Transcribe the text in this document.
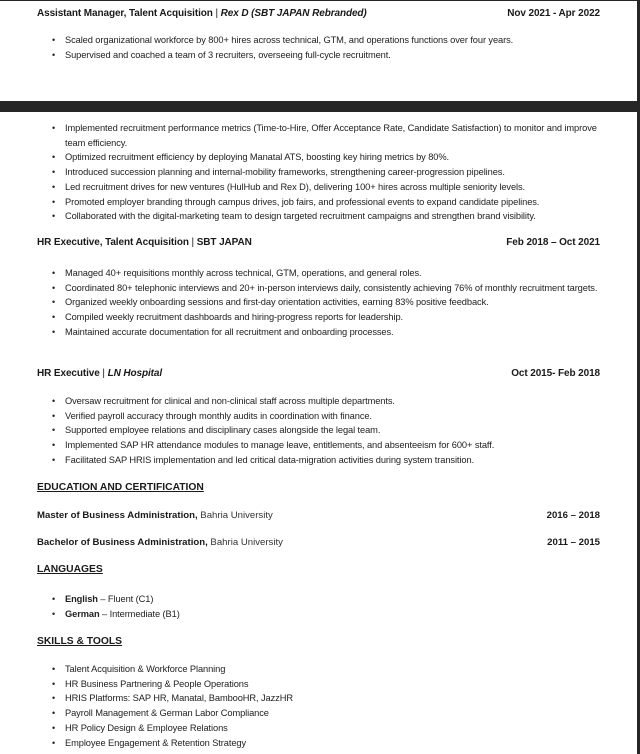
Assistant Manager, Talent Acquisition | Rex D (SBT JAPAN Rebranded)	Nov 2021 - Apr 2022
• Scaled organizational workforce by 800+ hires across technical, GTM, and operations functions over four years.
• Supervised and coached a team of 3 recruiters, overseeing full-cycle recruitment.
• Implemented recruitment performance metrics (Time-to-Hire, Offer Acceptance Rate, Candidate Satisfaction) to monitor and improve team efficiency.
• Optimized recruitment efficiency by deploying Manatal ATS, boosting key hiring metrics by 80%.
• Introduced succession planning and internal-mobility frameworks, strengthening career-progression pipelines.
• Led recruitment drives for new ventures (HulHub and Rex D), delivering 100+ hires across multiple seniority levels.
• Promoted employer branding through campus drives, job fairs, and professional events to expand candidate pipelines.
• Collaborated with the digital-marketing team to design targeted recruitment campaigns and strengthen brand visibility.
HR Executive, Talent Acquisition | SBT JAPAN	Feb 2018 – Oct 2021
• Managed 40+ requisitions monthly across technical, GTM, operations, and general roles.
• Coordinated 80+ telephonic interviews and 20+ in-person interviews daily, consistently achieving 76% of monthly recruitment targets.
• Organized weekly onboarding sessions and first-day orientation activities, earning 83% positive feedback.
• Compiled weekly recruitment dashboards and hiring-progress reports for leadership.
• Maintained accurate documentation for all recruitment and onboarding processes.
HR Executive | LN Hospital	Oct 2015- Feb 2018
• Oversaw recruitment for clinical and non-clinical staff across multiple departments.
• Verified payroll accuracy through monthly audits in coordination with finance.
• Supported employee relations and disciplinary cases alongside the legal team.
• Implemented SAP HR attendance modules to manage leave, entitlements, and absenteeism for 600+ staff.
• Facilitated SAP HRIS implementation and led critical data-migration activities during system transition.
EDUCATION AND CERTIFICATION
Master of Business Administration, Bahria University	2016 – 2018
Bachelor of Business Administration, Bahria University	2011 – 2015
LANGUAGES
• English – Fluent (C1)
• German – Intermediate (B1)
SKILLS & TOOLS
• Talent Acquisition & Workforce Planning
• HR Business Partnering & People Operations
• HRIS Platforms: SAP HR, Manatal, BambooHR, JazzHR
• Payroll Management & German Labor Compliance
• HR Policy Design & Employee Relations
• Employee Engagement & Retention Strategy
